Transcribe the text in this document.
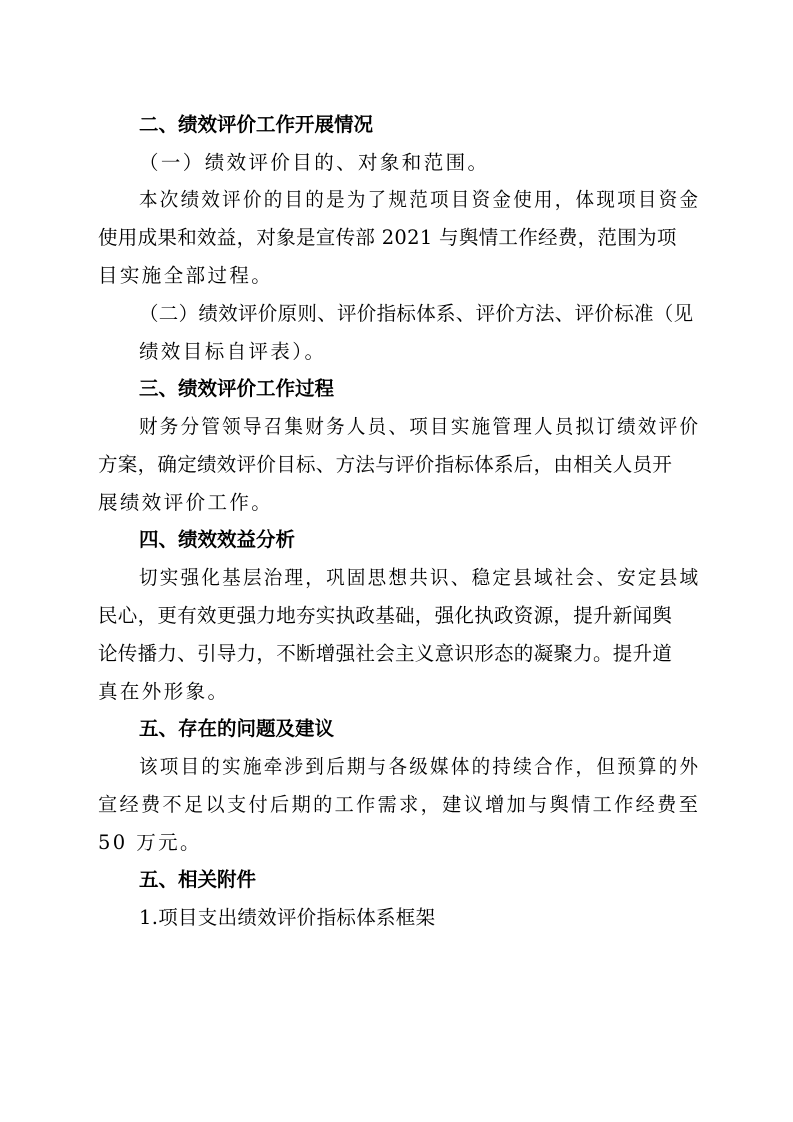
二、绩效评价工作开展情况
（一）绩效评价目的、对象和范围。
本次绩效评价的目的是为了规范项目资金使用，体现项目资金
使用成果和效益，对象是宣传部 2021 与舆情工作经费，范围为项
目实施全部过程。
（二）绩效评价原则、评价指标体系、评价方法、评价标准（见
绩效目标自评表）。
三、绩效评价工作过程
财务分管领导召集财务人员、项目实施管理人员拟订绩效评价
方案，确定绩效评价目标、方法与评价指标体系后，由相关人员开
展绩效评价工作。
四、绩效效益分析
切实强化基层治理，巩固思想共识、稳定县域社会、安定县域
民心，更有效更强力地夯实执政基础，强化执政资源，提升新闻舆
论传播力、引导力，不断增强社会主义意识形态的凝聚力。提升道
真在外形象。
五、存在的问题及建议
该项目的实施牵涉到后期与各级媒体的持续合作，但预算的外
宣经费不足以支付后期的工作需求，建议增加与舆情工作经费至
50 万元。
五、相关附件
1.项目支出绩效评价指标体系框架
